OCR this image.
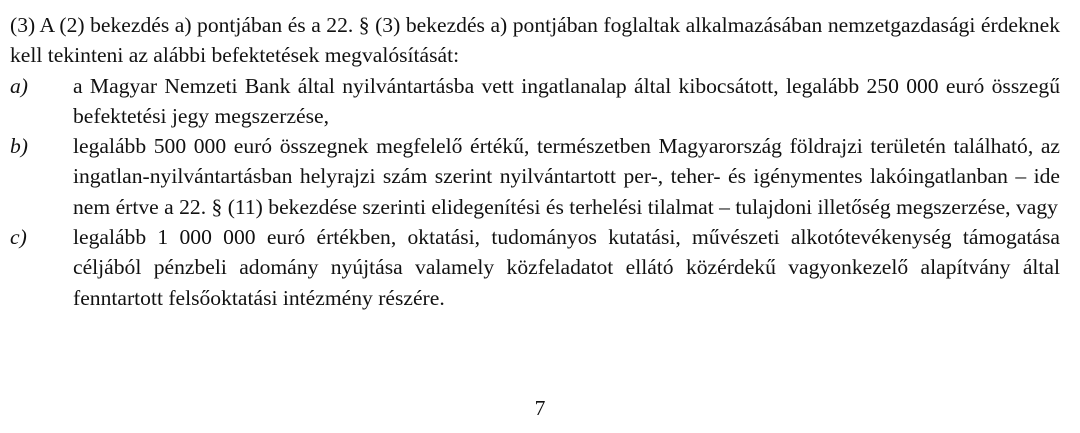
(3) A (2) bekezdés a) pontjában és a 22. § (3) bekezdés a) pontjában foglaltak alkalmazásában nemzetgazdasági érdeknek kell tekinteni az alábbi befektetések megvalósítását:

a)	a Magyar Nemzeti Bank által nyilvántartásba vett ingatlanalap által kibocsátott, legalább 250 000 euró összegű befektetési jegy megszerzése,
b)	legalább 500 000 euró összegnek megfelelő értékű, természetben Magyarország földrajzi területén található, az ingatlan-nyilvántartásban helyrajzi szám szerint nyilvántartott per-, teher- és igénymentes lakóingatlanban – ide nem értve a 22. § (11) bekezdése szerinti elidegenítési és terhelési tilalmat – tulajdoni illetőség megszerzése, vagy
c)	legalább 1 000 000 euró értékben, oktatási, tudományos kutatási, művészeti alkotótevékenység támogatása céljából pénzbeli adomány nyújtása valamely közfeladatot ellátó közérdekű vagyonkezelő alapítvány által fenntartott felsőoktatási intézmény részére.
7
